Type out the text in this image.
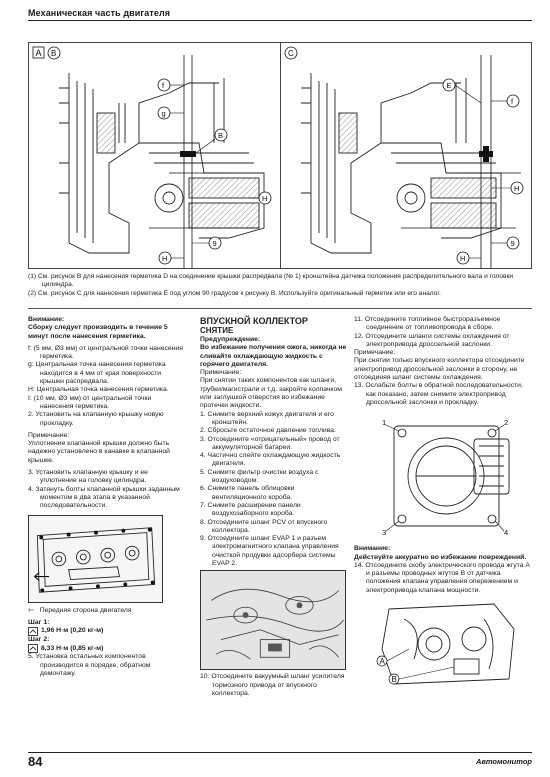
Механическая часть двигателя
A B
f
g
B
H
9
H
C
E
f
H
9
H

(1) См. рисунок B для нанесения герметика D на соединение крышки распредвала (№ 1) кронштейна датчика положения распределительного вала и головки цилиндра.

(2) См. рисунок C для нанесения герметика E под углом 90 градусов к рисунку B. Используйте оригинальный герметик или его аналог.

Внимание:
Сборку следует производить в течение 5 минут после нанесения герметика.
f: (5 мм, Ø3 мм) от центральной точки нанесения герметика.
g: Центральная точка нанесения герметика находится в 4 мм от края поверхности крышки распредвала.
H: Центральная точка нанесения герметика.
I: (10 мм, Ø3 мм) от центральной точки нанесения герметика.
2. Установить на клапанную крышку новую прокладку.
Примечание:
Уплотнение клапанной крышки должно быть надежно установлено в канавке в клапанной крышке.
3. Установить клапанную крышку и ее уплотнение на головку цилиндра.
4. Затянуть болты клапанной крышки заданным моментом в два этапа в указанной последовательности.
⇦ Передняя сторона двигателя
Шаг 1:
1,96 Н·м (0,20 кг-м)
Шаг 2:
8,33 Н·м (0,85 кг-м)
5. Установка остальных компонентов производится в порядке, обратном демонтажу.
ВПУСКНОЙ КОЛЛЕКТОР
СНЯТИЕ
Предупреждение:
Во избежание получения ожога, никогда не сливайте охлаждающую жидкость с горячего двигателя.
Примечание:
При снятии таких компонентов как шланги, трубки/магистрали и т.д. закройте колпачком или заглушкой отверстия во избежание протечки жидкости.
1. Снимите верхний кожух двигателя и его кронштейн.
2. Сбросьте остаточное давление топлива.
3. Отсоедините «отрицательный» провод от аккумуляторной батареи.
4. Частично слейте охлаждающую жидкость двигателя.
5. Снимите фильтр очистки воздуха с воздуховодом.
6. Снимите панель облицовки вентиляционного короба.
7. Снимите расширение панели воздухозаборного короба.
8. Отсоедините шланг PCV от впускного коллектора.
9. Отсоедините шланг EVAP 1 и разъем электромагнитного клапана управления очисткой продувки адсорбера системы EVAP 2.
10. Отсоедините вакуумный шланг усилителя тормозного привода от впускного коллектора.
11. Отсоедините топливное быстроразъемное соединение от топливопровода в сборе.
12. Отсоедините шланги системы охлаждения от электропривода дроссельной заслонки.
Примечание:
При снятии только впускного коллектора отсоедините электропривод дроссельной заслонки в сторону, не отсоединяя шланг системы охлаждения.
13. Ослабьте болты в обратной последовательности, как показано, затем снимите электропривод дроссельной заслонки и прокладку.
1	2
3	4
Внимание:
Действуйте аккуратно во избежание повреждений.
14. Отсоедините скобу электрического провода жгута A и разъемы проводных жгутов B от датчика положения клапана управления опережением и электропривода клапана мощности.
A
B
84	Автомонитор
